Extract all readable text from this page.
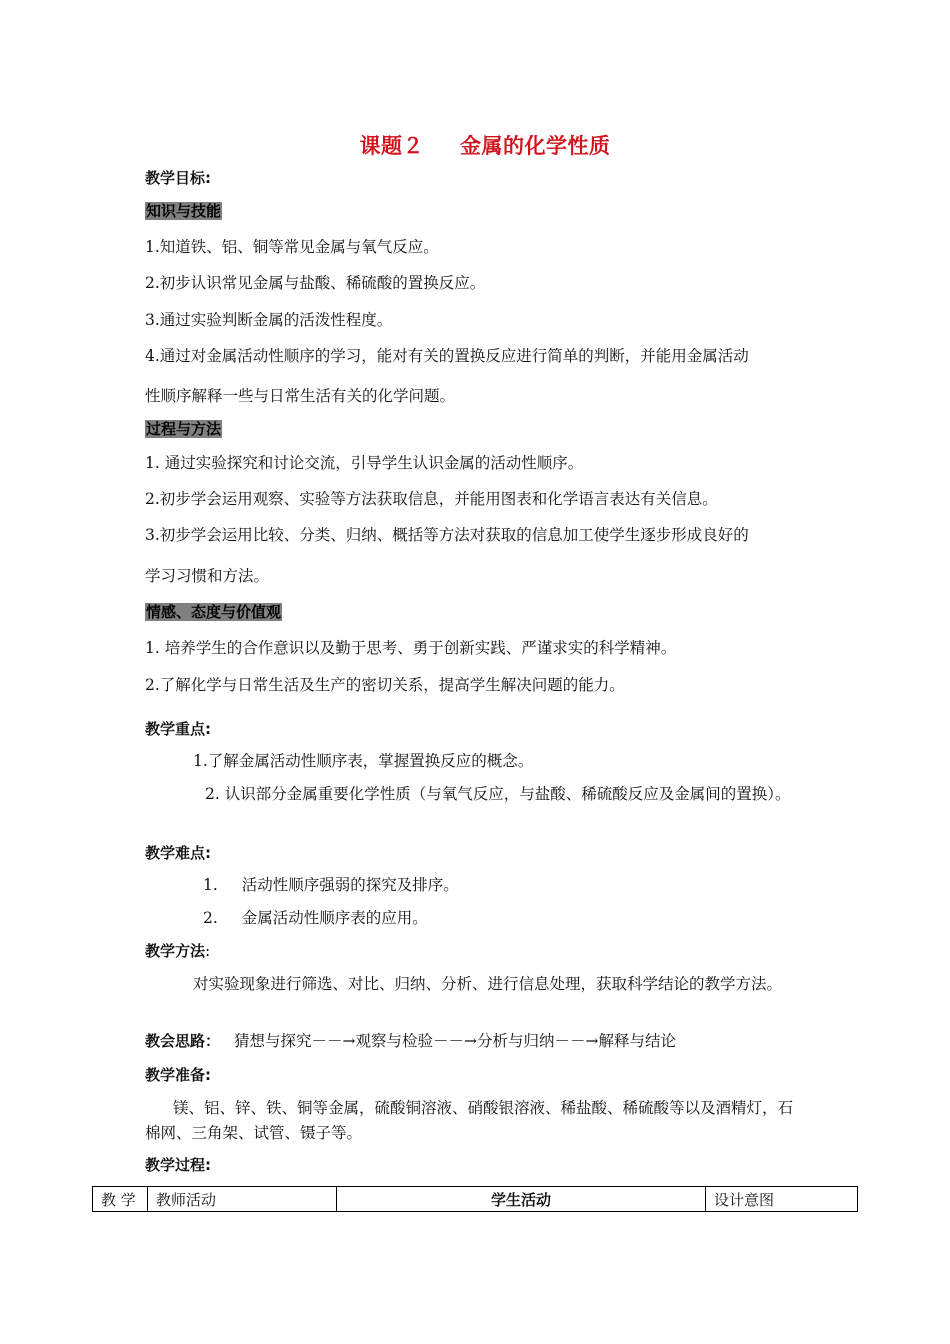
课题２ 金属的化学性质
教学目标:
知识与技能
1.知道铁、铝、铜等常见金属与氧气反应。
2.初步认识常见金属与盐酸、稀硫酸的置换反应。
3.通过实验判断金属的活泼性程度。
4.通过对金属活动性顺序的学习，能对有关的置换反应进行简单的判断，并能用金属活动
性顺序解释一些与日常生活有关的化学问题。
过程与方法
1. 通过实验探究和讨论交流，引导学生认识金属的活动性顺序。
2.初步学会运用观察、实验等方法获取信息，并能用图表和化学语言表达有关信息。
3.初步学会运用比较、分类、归纳、概括等方法对获取的信息加工使学生逐步形成良好的
学习习惯和方法。
情感、态度与价值观
1. 培养学生的合作意识以及勤于思考、勇于创新实践、严谨求实的科学精神。
2.了解化学与日常生活及生产的密切关系，提高学生解决问题的能力。
教学重点:
1.了解金属活动性顺序表，掌握置换反应的概念。
2. 认识部分金属重要化学性质（与氧气反应，与盐酸、稀硫酸反应及金属间的置换）。
教学难点:
1. 活动性顺序强弱的探究及排序。
2. 金属活动性顺序表的应用。
教学方法:
对实验现象进行筛选、对比、归纳、分析、进行信息处理，获取科学结论的教学方法。
教会思路： 猜想与探究－－→观察与检验－－→分析与归纳－－→解释与结论
教学准备:
镁、铝、锌、铁、铜等金属，硫酸铜溶液、硝酸银溶液、稀盐酸、稀硫酸等以及酒精灯，石棉网、三角架、试管、镊子等。
教学过程:
教 学	教师活动	学生活动	设计意图
